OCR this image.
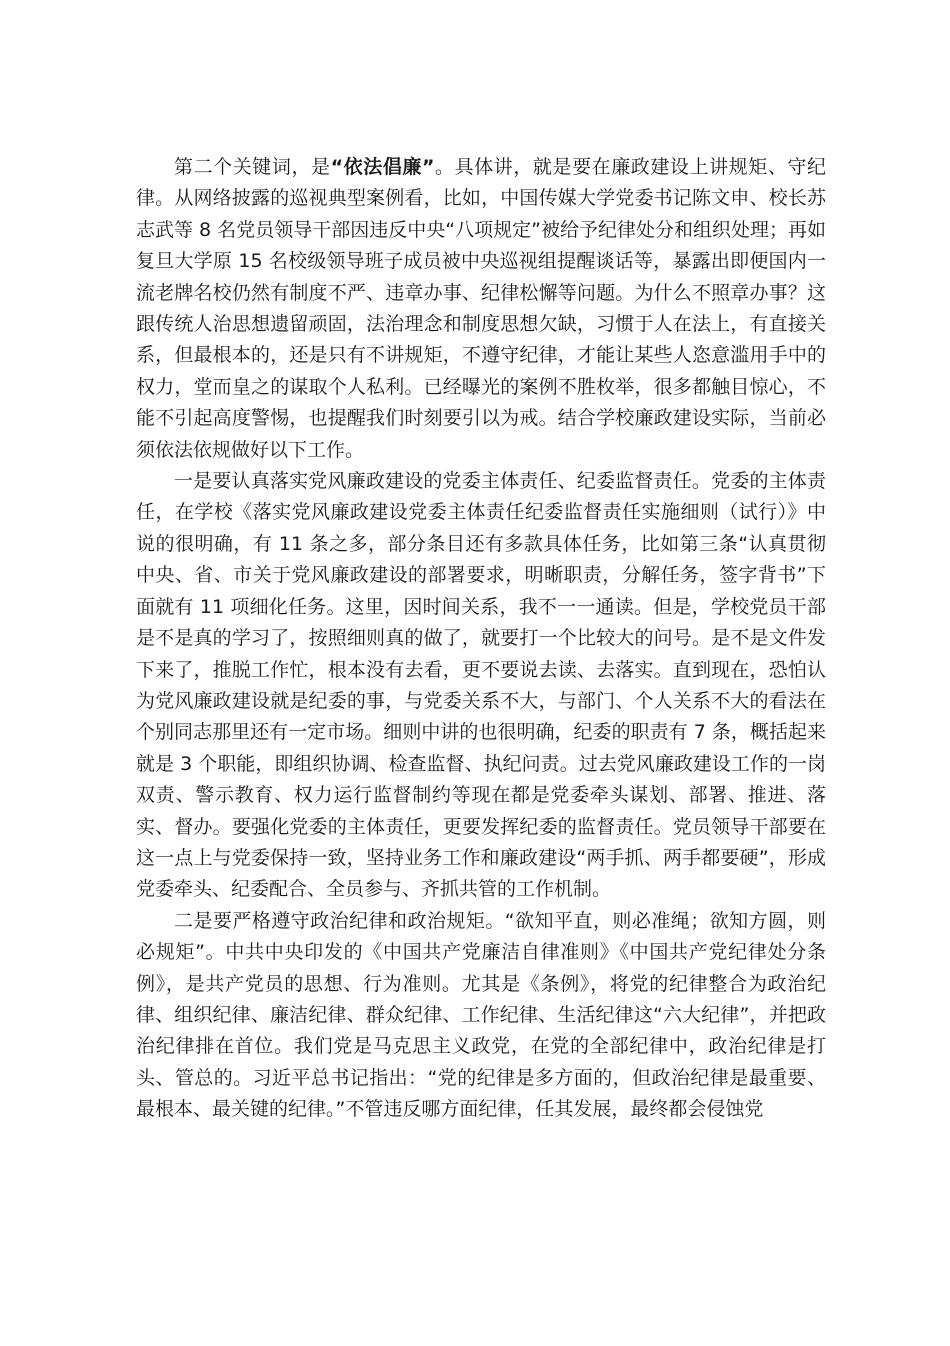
第二个关键词，是“依法倡廉”。具体讲，就是要在廉政建设上讲规矩、守纪律。从网络披露的巡视典型案例看，比如，中国传媒大学党委书记陈文申、校长苏志武等 8 名党员领导干部因违反中央“八项规定”被给予纪律处分和组织处理；再如复旦大学原 15 名校级领导班子成员被中央巡视组提醒谈话等，暴露出即便国内一流老牌名校仍然有制度不严、违章办事、纪律松懈等问题。为什么不照章办事？这跟传统人治思想遗留顽固，法治理念和制度思想欠缺，习惯于人在法上，有直接关系，但最根本的，还是只有不讲规矩，不遵守纪律，才能让某些人恣意滥用手中的权力，堂而皇之的谋取个人私利。已经曝光的案例不胜枚举，很多都触目惊心，不能不引起高度警惕，也提醒我们时刻要引以为戒。结合学校廉政建设实际，当前必须依法依规做好以下工作。

一是要认真落实党风廉政建设的党委主体责任、纪委监督责任。党委的主体责任，在学校《落实党风廉政建设党委主体责任纪委监督责任实施细则（试行）》中说的很明确，有 11 条之多，部分条目还有多款具体任务，比如第三条“认真贯彻中央、省、市关于党风廉政建设的部署要求，明晰职责，分解任务，签字背书”下面就有 11 项细化任务。这里，因时间关系，我不一一通读。但是，学校党员干部是不是真的学习了，按照细则真的做了，就要打一个比较大的问号。是不是文件发下来了，推脱工作忙，根本没有去看，更不要说去读、去落实。直到现在，恐怕认为党风廉政建设就是纪委的事，与党委关系不大，与部门、个人关系不大的看法在个别同志那里还有一定市场。细则中讲的也很明确，纪委的职责有 7 条，概括起来就是 3 个职能，即组织协调、检查监督、执纪问责。过去党风廉政建设工作的一岗双责、警示教育、权力运行监督制约等现在都是党委牵头谋划、部署、推进、落实、督办。要强化党委的主体责任，更要发挥纪委的监督责任。党员领导干部要在这一点上与党委保持一致，坚持业务工作和廉政建设“两手抓、两手都要硬”，形成党委牵头、纪委配合、全员参与、齐抓共管的工作机制。

二是要严格遵守政治纪律和政治规矩。“欲知平直，则必准绳；欲知方圆，则必规矩”。中共中央印发的《中国共产党廉洁自律准则》《中国共产党纪律处分条例》，是共产党员的思想、行为准则。尤其是《条例》，将党的纪律整合为政治纪律、组织纪律、廉洁纪律、群众纪律、工作纪律、生活纪律这“六大纪律”，并把政治纪律排在首位。我们党是马克思主义政党，在党的全部纪律中，政治纪律是打头、管总的。习近平总书记指出：“党的纪律是多方面的，但政治纪律是最重要、最根本、最关键的纪律。”不管违反哪方面纪律，任其发展，最终都会侵蚀党
